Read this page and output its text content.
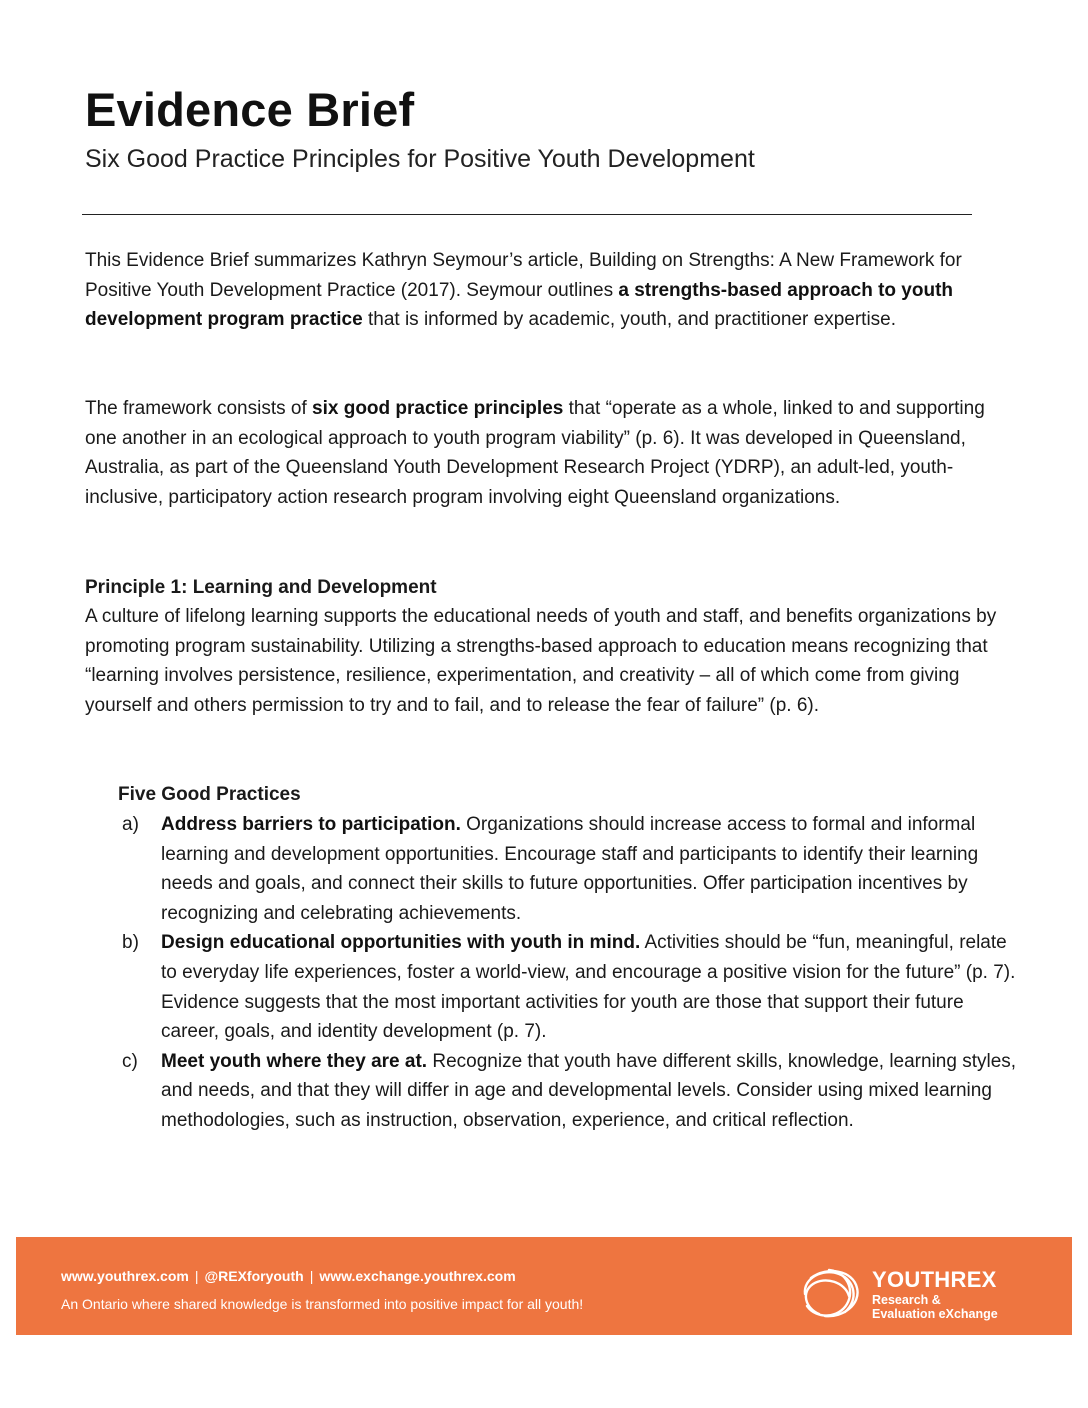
Evidence Brief
Six Good Practice Principles for Positive Youth Development

This Evidence Brief summarizes Kathryn Seymour’s article, Building on Strengths: A New Framework for Positive Youth Development Practice (2017). Seymour outlines a strengths-based approach to youth development program practice that is informed by academic, youth, and practitioner expertise.

The framework consists of six good practice principles that “operate as a whole, linked to and supporting one another in an ecological approach to youth program viability” (p. 6). It was developed in Queensland, Australia, as part of the Queensland Youth Development Research Project (YDRP), an adult-led, youth-inclusive, participatory action research program involving eight Queensland organizations.

Principle 1: Learning and Development

A culture of lifelong learning supports the educational needs of youth and staff, and benefits organizations by promoting program sustainability. Utilizing a strengths-based approach to education means recognizing that “learning involves persistence, resilience, experimentation, and creativity – all of which come from giving yourself and others permission to try and to fail, and to release the fear of failure” (p. 6).

Five Good Practices
a) Address barriers to participation. Organizations should increase access to formal and informal learning and development opportunities. Encourage staff and participants to identify their learning needs and goals, and connect their skills to future opportunities. Offer participation incentives by recognizing and celebrating achievements.
b) Design educational opportunities with youth in mind. Activities should be “fun, meaningful, relate to everyday life experiences, foster a world-view, and encourage a positive vision for the future” (p. 7). Evidence suggests that the most important activities for youth are those that support their future career, goals, and identity development (p. 7).
c) Meet youth where they are at. Recognize that youth have different skills, knowledge, learning styles, and needs, and that they will differ in age and developmental levels. Consider using mixed learning methodologies, such as instruction, observation, experience, and critical reflection.
www.youthrex.com | @REXforyouth | www.exchange.youthrex.com
An Ontario where shared knowledge is transformed into positive impact for all youth!
YOUTHREX
Research &
Evaluation eXchange
